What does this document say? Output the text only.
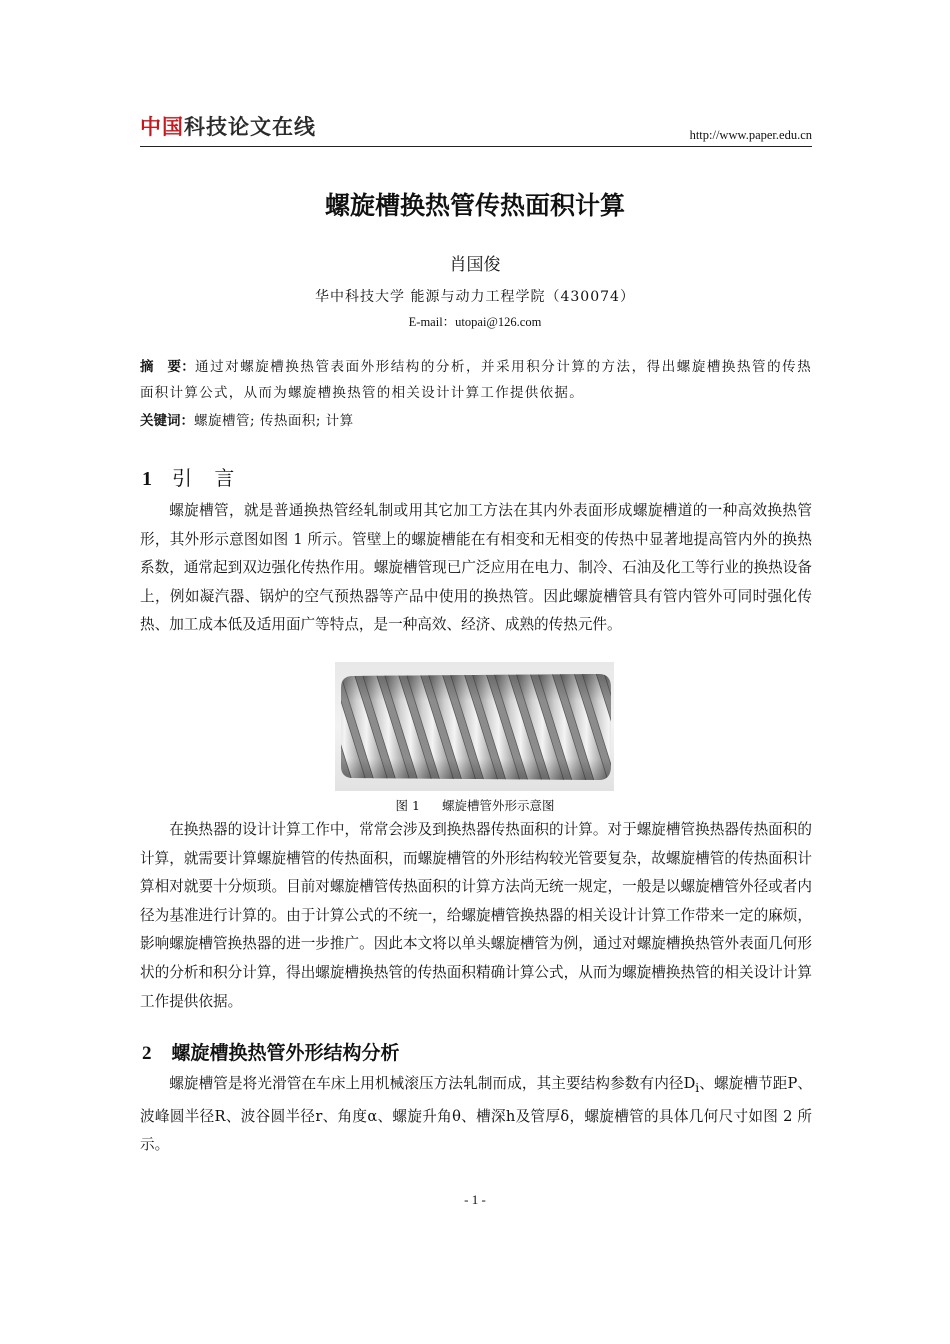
中国科技论文在线	http://www.paper.edu.cn
螺旋槽换热管传热面积计算
肖国俊
华中科技大学 能源与动力工程学院（430074）
E-mail：utopai@126.com
摘　要：通过对螺旋槽换热管表面外形结构的分析，并采用积分计算的方法，得出螺旋槽换热管的传热面积计算公式，从而为螺旋槽换热管的相关设计计算工作提供依据。
关键词：螺旋槽管; 传热面积; 计算
1 引 言

螺旋槽管，就是普通换热管经轧制或用其它加工方法在其内外表面形成螺旋槽道的一种高效换热管形，其外形示意图如图 1 所示。管壁上的螺旋槽能在有相变和无相变的传热中显著地提高管内外的换热系数，通常起到双边强化传热作用。螺旋槽管现已广泛应用在电力、制冷、石油及化工等行业的换热设备上，例如凝汽器、锅炉的空气预热器等产品中使用的换热管。因此螺旋槽管具有管内管外可同时强化传热、加工成本低及适用面广等特点，是一种高效、经济、成熟的传热元件。

图 1 螺旋槽管外形示意图

在换热器的设计计算工作中，常常会涉及到换热器传热面积的计算。对于螺旋槽管换热器传热面积的计算，就需要计算螺旋槽管的传热面积，而螺旋槽管的外形结构较光管要复杂，故螺旋槽管的传热面积计算相对就要十分烦琐。目前对螺旋槽管传热面积的计算方法尚无统一规定，一般是以螺旋槽管外径或者内径为基准进行计算的。由于计算公式的不统一，给螺旋槽管换热器的相关设计计算工作带来一定的麻烦，影响螺旋槽管换热器的进一步推广。因此本文将以单头螺旋槽管为例，通过对螺旋槽换热管外表面几何形状的分析和积分计算，得出螺旋槽换热管的传热面积精确计算公式，从而为螺旋槽换热管的相关设计计算工作提供依据。

2 螺旋槽换热管外形结构分析

螺旋槽管是将光滑管在车床上用机械滚压方法轧制而成，其主要结构参数有内径$D_i$、螺旋槽节距P、波峰圆半径R、波谷圆半径r、角度α、螺旋升角θ、槽深h及管厚δ，螺旋槽管的具体几何尺寸如图 2 所示。

- 1 -
